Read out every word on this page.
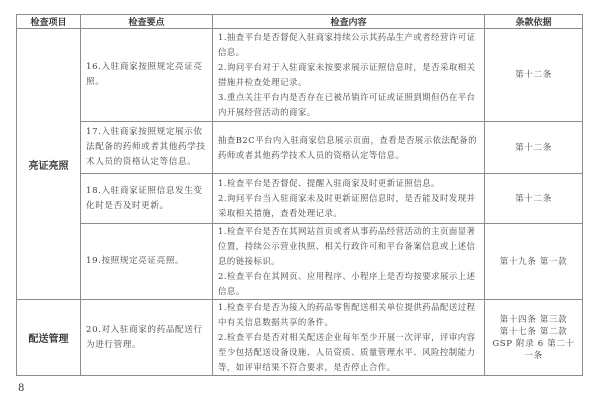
检查项目	检查要点	检查内容	条款依据
亮证亮照	16.入驻商家按照规定亮证亮照。	1.抽查平台是否督促入驻商家持续公示其药品生产或者经营许可证信息。
2.询问平台对于入驻商家未按要求展示证照信息时，是否采取相关措施并检查处理记录。
3.重点关注平台内是否存在已被吊销许可证或证照到期但仍在平台内开展经营活动的商家。	第十二条

	17.入驻商家按照规定展示依法配备的药师或者其他药学技术人员的资格认定等信息。	抽查B2C平台内入驻商家信息展示页面，查看是否展示依法配备的药师或者其他药学技术人员的资格认定等信息。	第十二条

	18.入驻商家证照信息发生变化时是否及时更新。	1.检查平台是否督促、提醒入驻商家及时更新证照信息。
2.询问平台当入驻商家未及时更新证照信息时，是否能及时发现并采取相关措施，查看处理记录。	第十二条

	19.按照规定亮证亮照。	1.检查平台是否在其网站首页或者从事药品经营活动的主页面显著位置，持续公示营业执照、相关行政许可和平台备案信息或上述信息的链接标识。
2.检查平台在其网页、应用程序、小程序上是否均按要求展示上述信息。	第十九条 第一款

配送管理	20.对入驻商家的药品配送行为进行管理。	1.检查平台是否为接入的药品零售配送相关单位提供药品配送过程中有关信息数据共享的条件。
2.检查平台是否对相关配送企业每年至少开展一次评审，评审内容至少包括配送设备设施、人员资质、质量管理水平、风险控制能力等，如评审结果不符合要求，是否停止合作。	第十四条 第三款
第十七条 第二款
GSP 附录 6 第二十一条
8
